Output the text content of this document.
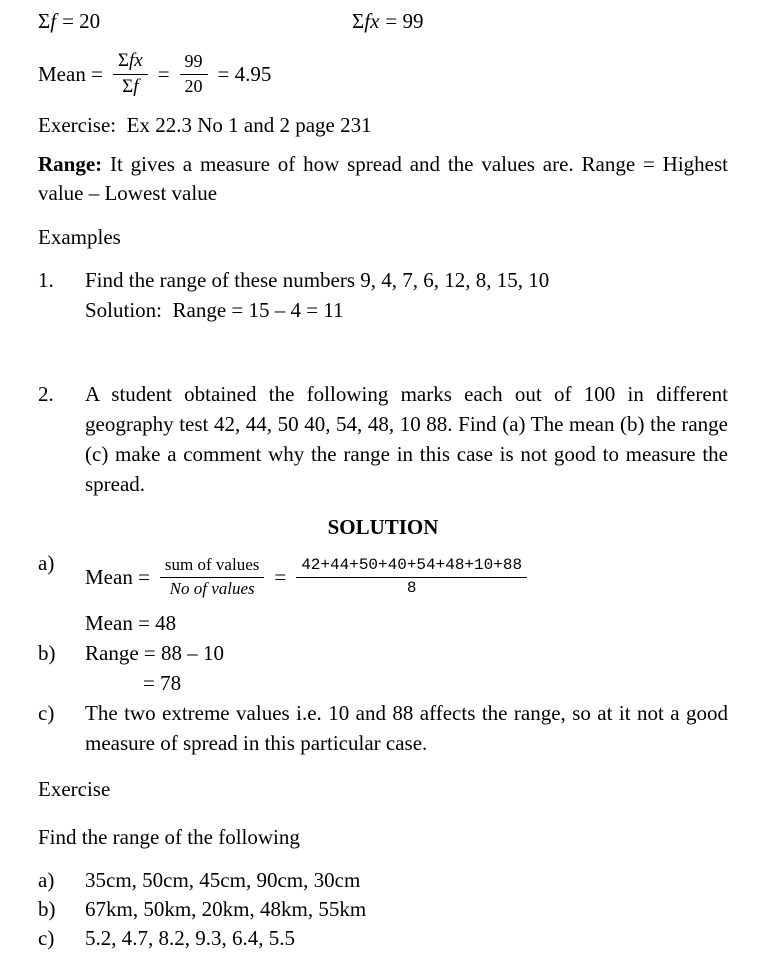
Σf = 20	Σfx = 99
Mean = $\frac{\text{Σfx}}{\Sigma f} = \frac{99}{20} = 4.95$

Exercise:  Ex 22.3 No 1 and 2 page 231

Range: It gives a measure of how spread and the values are. Range = Highest value – Lowest value

Examples

1.	Find the range of these numbers 9, 4, 7, 6, 12, 8, 15, 10
Solution:  Range = 15 – 4 = 11
2.	A student obtained the following marks each out of 100 in different geography test 42, 44, 50 40, 54, 48, 10 88. Find (a) The mean (b) the range (c) make a comment why the range in this case is not good to measure the spread.

SOLUTION

a)
Mean = $\frac{\text{sum of values}}{\text{No of values}} = \frac{42+44+50+40+54+48+10+88}{8}$
Mean = 48
b)	Range = 88 – 10
= 78
c)	The two extreme values i.e. 10 and 88 affects the range, so at it not a good measure of spread in this particular case.

Exercise

Find the range of the following

a)	35cm, 50cm, 45cm, 90cm, 30cm
b)	67km, 50km, 20km, 48km, 55km
c)	5.2, 4.7, 8.2, 9.3, 6.4, 5.5
